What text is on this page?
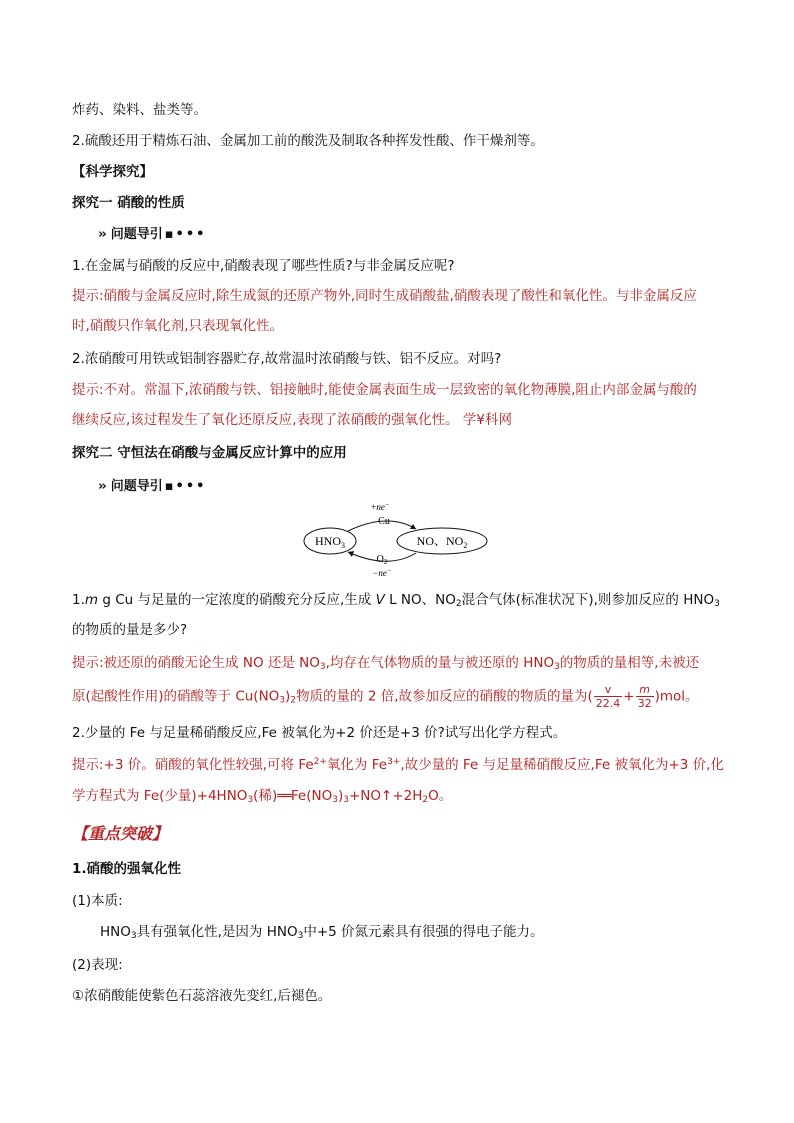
炸药、染料、盐类等。
2.硫酸还用于精炼石油、金属加工前的酸洗及制取各种挥发性酸、作干燥剂等。
【科学探究】
探究一 硝酸的性质
›› 问题导引 ▪•••
1.在金属与硝酸的反应中,硝酸表现了哪些性质?与非金属反应呢?
提示:硝酸与金属反应时,除生成氮的还原产物外,同时生成硝酸盐,硝酸表现了酸性和氧化性。与非金属反应
时,硝酸只作氧化剂,只表现氧化性。
2.浓硝酸可用铁或铝制容器贮存,故常温时浓硝酸与铁、铝不反应。对吗?
提示:不对。常温下,浓硝酸与铁、铝接触时,能使金属表面生成一层致密的氧化物薄膜,阻止内部金属与酸的
继续反应,该过程发生了氧化还原反应,表现了浓硝酸的强氧化性。 学¥科网
探究二 守恒法在硝酸与金属反应计算中的应用
›› 问题导引 ▪•••
$HNO_3$	NO、$NO_2$
+ne−
Cu
$O_2$
−ne−
1.m g Cu 与足量的一定浓度的硝酸充分反应,生成 V L NO、$NO_2$混合气体(标准状况下),则参加反应的 $HNO_3$
的物质的量是多少?
提示:被还原的硝酸无论生成 NO 还是 $NO_3$,均存在气体物质的量与被还原的 $HNO_3$的物质的量相等,未被还
原(起酸性作用)的硝酸等于 $Cu(NO_3)_2$物质的量的 2 倍,故参加反应的硝酸的物质的量为( $\frac{v}{22.4} + \frac{m}{32} )mol$。
2.少量的 Fe 与足量稀硝酸反应,Fe 被氧化为+2 价还是+3 价?试写出化学方程式。
提示:+3 价。硝酸的氧化性较强,可将 $Fe^{2+}$氧化为 $Fe^{3+}$,故少量的 Fe 与足量稀硝酸反应,Fe 被氧化为+3 价,化
学方程式为 Fe(少量)$+4HNO_3$(稀)$══Fe(NO_3)_3+NO↑+2H_2O$。
【重点突破】
1.硝酸的强氧化性
(1)本质:
$HNO_3$具有强氧化性,是因为 $HNO_3$中+5 价氮元素具有很强的得电子能力。
(2)表现:
①浓硝酸能使紫色石蕊溶液先变红,后褪色。
